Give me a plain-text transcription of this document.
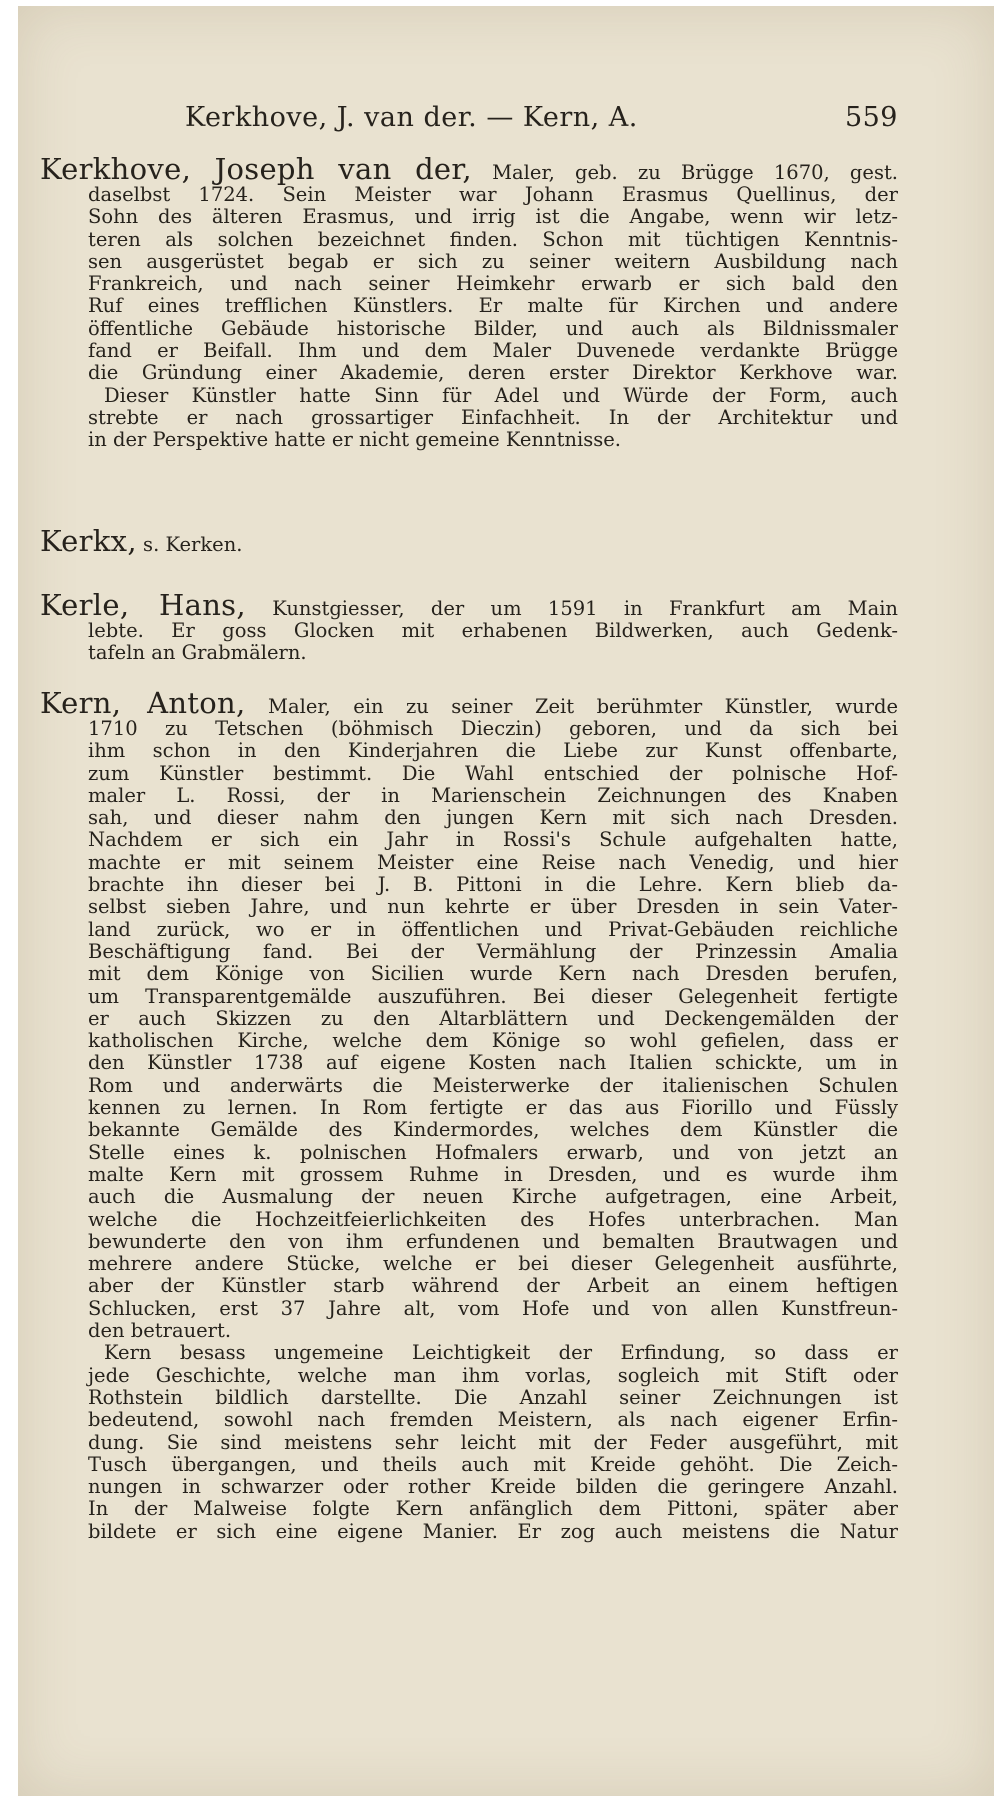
Kerkhove, J. van der. — Kern, A.	559
Kerkhove, Joseph van der, Maler, geb. zu Brügge 1670, gest.
daselbst 1724. Sein Meister war Johann Erasmus Quellinus, der
Sohn des älteren Erasmus, und irrig ist die Angabe, wenn wir letz-
teren als solchen bezeichnet finden. Schon mit tüchtigen Kenntnis-
sen ausgerüstet begab er sich zu seiner weitern Ausbildung nach
Frankreich, und nach seiner Heimkehr erwarb er sich bald den
Ruf eines trefflichen Künstlers. Er malte für Kirchen und andere
öffentliche Gebäude historische Bilder, und auch als Bildnissmaler
fand er Beifall. Ihm und dem Maler Duvenede verdankte Brügge
die Gründung einer Akademie, deren erster Direktor Kerkhove war.
Dieser Künstler hatte Sinn für Adel und Würde der Form, auch
strebte er nach grossartiger Einfachheit. In der Architektur und
in der Perspektive hatte er nicht gemeine Kenntnisse.
Kerkx, s. Kerken.
Kerle, Hans, Kunstgiesser, der um 1591 in Frankfurt am Main
lebte. Er goss Glocken mit erhabenen Bildwerken, auch Gedenk-
tafeln an Grabmälern.
Kern, Anton, Maler, ein zu seiner Zeit berühmter Künstler, wurde
1710 zu Tetschen (böhmisch Dieczin) geboren, und da sich bei
ihm schon in den Kinderjahren die Liebe zur Kunst offenbarte,
zum Künstler bestimmt. Die Wahl entschied der polnische Hof-
maler L. Rossi, der in Marienschein Zeichnungen des Knaben
sah, und dieser nahm den jungen Kern mit sich nach Dresden.
Nachdem er sich ein Jahr in Rossi's Schule aufgehalten hatte,
machte er mit seinem Meister eine Reise nach Venedig, und hier
brachte ihn dieser bei J. B. Pittoni in die Lehre. Kern blieb da-
selbst sieben Jahre, und nun kehrte er über Dresden in sein Vater-
land zurück, wo er in öffentlichen und Privat-Gebäuden reichliche
Beschäftigung fand. Bei der Vermählung der Prinzessin Amalia
mit dem Könige von Sicilien wurde Kern nach Dresden berufen,
um Transparentgemälde auszuführen. Bei dieser Gelegenheit fertigte
er auch Skizzen zu den Altarblättern und Deckengemälden der
katholischen Kirche, welche dem Könige so wohl gefielen, dass er
den Künstler 1738 auf eigene Kosten nach Italien schickte, um in
Rom und anderwärts die Meisterwerke der italienischen Schulen
kennen zu lernen. In Rom fertigte er das aus Fiorillo und Füssly
bekannte Gemälde des Kindermordes, welches dem Künstler die
Stelle eines k. polnischen Hofmalers erwarb, und von jetzt an
malte Kern mit grossem Ruhme in Dresden, und es wurde ihm
auch die Ausmalung der neuen Kirche aufgetragen, eine Arbeit,
welche die Hochzeitfeierlichkeiten des Hofes unterbrachen. Man
bewunderte den von ihm erfundenen und bemalten Brautwagen und
mehrere andere Stücke, welche er bei dieser Gelegenheit ausführte,
aber der Künstler starb während der Arbeit an einem heftigen
Schlucken, erst 37 Jahre alt, vom Hofe und von allen Kunstfreun-
den betrauert.
Kern besass ungemeine Leichtigkeit der Erfindung, so dass er
jede Geschichte, welche man ihm vorlas, sogleich mit Stift oder
Rothstein bildlich darstellte. Die Anzahl seiner Zeichnungen ist
bedeutend, sowohl nach fremden Meistern, als nach eigener Erfin-
dung. Sie sind meistens sehr leicht mit der Feder ausgeführt, mit
Tusch übergangen, und theils auch mit Kreide gehöht. Die Zeich-
nungen in schwarzer oder rother Kreide bilden die geringere Anzahl.
In der Malweise folgte Kern anfänglich dem Pittoni, später aber
bildete er sich eine eigene Manier. Er zog auch meistens die Natur
